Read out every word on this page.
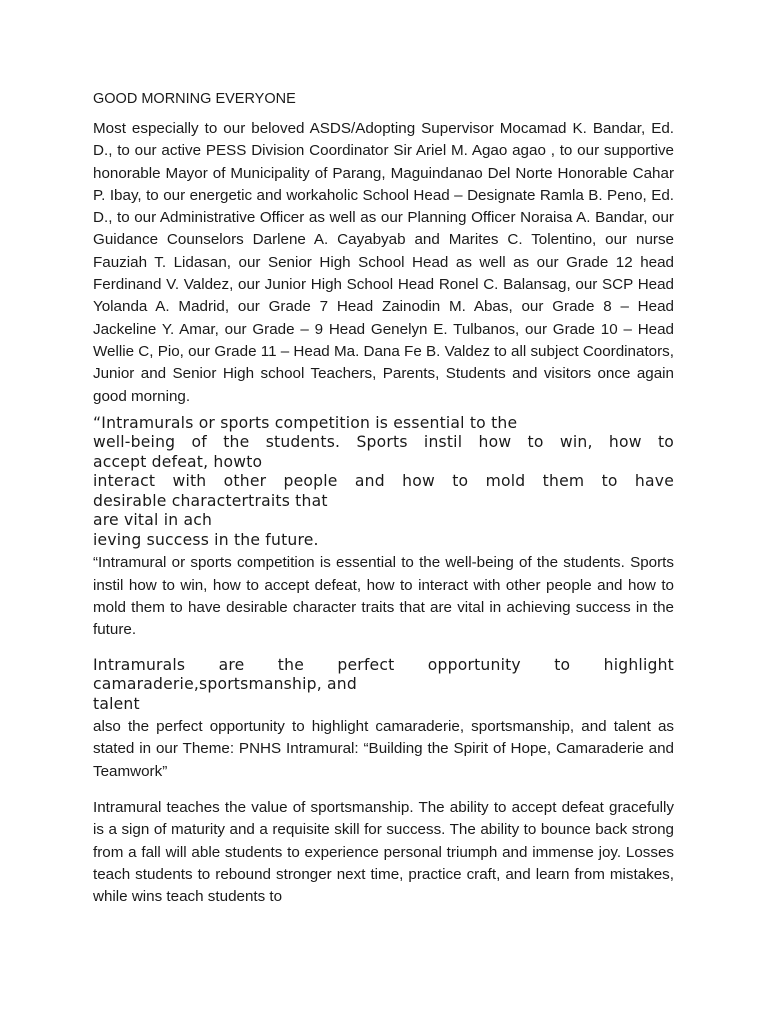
GOOD MORNING EVERYONE

Most especially to our beloved ASDS/Adopting Supervisor Mocamad K. Bandar, Ed. D., to our active PESS Division Coordinator Sir Ariel M. Agao agao , to our supportive honorable Mayor of Municipality of Parang, Maguindanao Del Norte Honorable Cahar P. Ibay, to our energetic and workaholic School Head – Designate Ramla B. Peno, Ed. D., to our Administrative Officer as well as our Planning Officer Noraisa A. Bandar, our Guidance Counselors Darlene A. Cayabyab and Marites C. Tolentino, our nurse Fauziah T. Lidasan, our Senior High School Head as well as our Grade 12 head Ferdinand V. Valdez, our Junior High School Head Ronel C. Balansag, our SCP Head Yolanda A. Madrid, our Grade 7 Head Zainodin M. Abas, our Grade 8 – Head Jackeline Y. Amar, our Grade – 9 Head Genelyn E. Tulbanos, our Grade 10 – Head Wellie C, Pio, our Grade 11 – Head Ma. Dana Fe B. Valdez to all subject Coordinators, Junior and Senior High school Teachers, Parents, Students and visitors once again good morning.

“Intramurals or sports competition is essential to the
well-being of the students. Sports instil how to win, how to
accept defeat, howto
interact with other people and how to mold them to have
desirable charactertraits that
are vital in ach
ieving success in the future.

“Intramural or sports competition is essential to the well-being of the students. Sports instil how to win, how to accept defeat, how to interact with other people and how to mold them to have desirable character traits that are vital in achieving success in the future.

Intramurals are the perfect opportunity to highlight
camaraderie,sportsmanship, and
talent

also the perfect opportunity to highlight camaraderie, sportsmanship, and talent as stated in our Theme: PNHS Intramural: “Building the Spirit of Hope, Camaraderie and Teamwork”

Intramural teaches the value of sportsmanship. The ability to accept defeat gracefully is a sign of maturity and a requisite skill for success. The ability to bounce back strong from a fall will able students to experience personal triumph and immense joy. Losses teach students to rebound stronger next time, practice craft, and learn from mistakes, while wins teach students to
